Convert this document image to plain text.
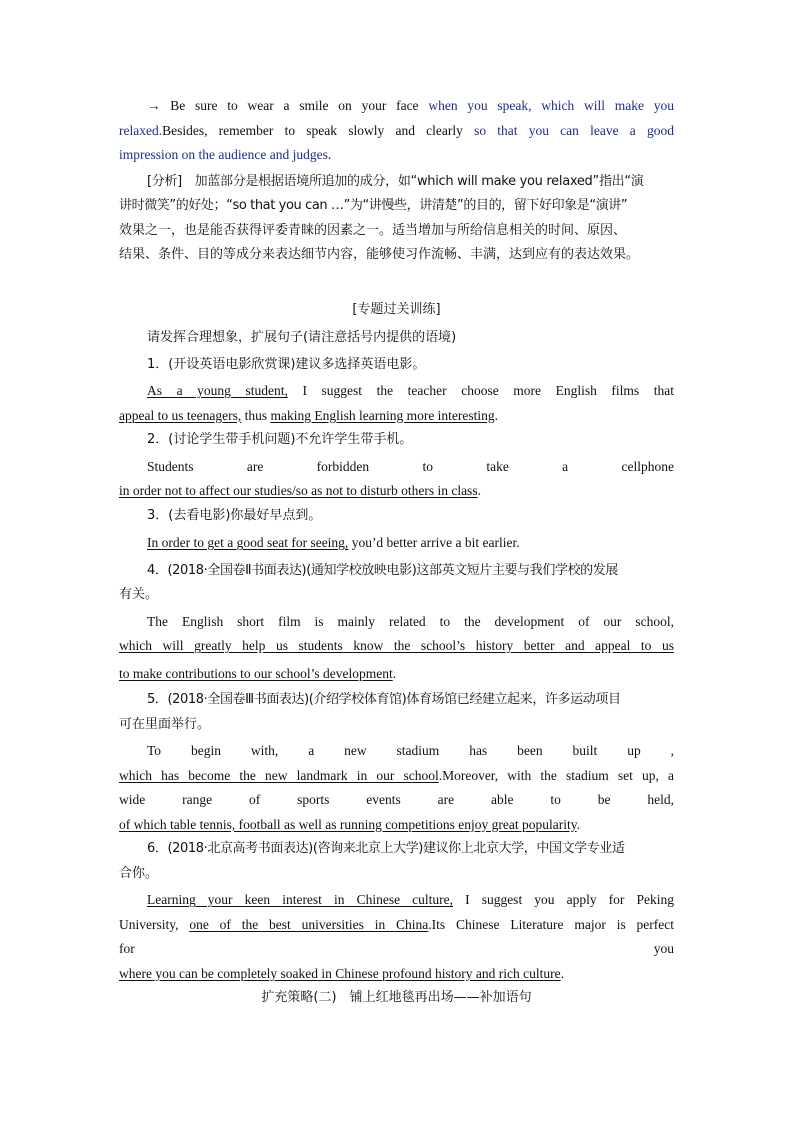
→ Be sure to wear a smile on your face when you speak, which will make you

relaxed.Besides, remember to speak slowly and clearly so that you can leave a good

impression on the audience and judges.

[分析]　加蓝部分是根据语境所追加的成分，如“which will make you relaxed”指出“演

讲时微笑”的好处；“so that you can …”为“讲慢些，讲清楚”的目的，留下好印象是“演讲”

效果之一，也是能否获得评委青睐的因素之一。适当增加与所给信息相关的时间、原因、

结果、条件、目的等成分来表达细节内容，能够使习作流畅、丰满，达到应有的表达效果。

[专题过关训练]

请发挥合理想象，扩展句子(请注意括号内提供的语境)

1．(开设英语电影欣赏课)建议多选择英语电影。

As a young student, I suggest the teacher choose more English films that

appeal to us teenagers, thus making English learning more interesting.

2．(讨论学生带手机问题)不允许学生带手机。

Students are forbidden to take a cellphone

in order not to affect our studies/so as not to disturb others in class.

3．(去看电影)你最好早点到。

In order to get a good seat for seeing, you’d better arrive a bit earlier.

4．(2018·全国卷Ⅱ书面表达)(通知学校放映电影)这部英文短片主要与我们学校的发展

有关。

The English short film is mainly related to the development of our school,

which will greatly help us students know the school’s history better and appeal to us

to make contributions to our school’s development.

5．(2018·全国卷Ⅲ书面表达)(介绍学校体育馆)体育场馆已经建立起来，许多运动项目

可在里面举行。

To begin with, a new stadium has been built up ,

which has become the new landmark in our school.Moreover, with the stadium set up, a

wide range of sports events are able to be held,

of which table tennis, football as well as running competitions enjoy great popularity.

6．(2018·北京高考书面表达)(咨询来北京上大学)建议你上北京大学，中国文学专业适

合你。

Learning your keen interest in Chinese culture, I suggest you apply for Peking

University, one of the best universities in China.Its Chinese Literature major is perfect

for you

where you can be completely soaked in Chinese profound history and rich culture.

扩充策略(二)　铺上红地毯再出场——补加语句
